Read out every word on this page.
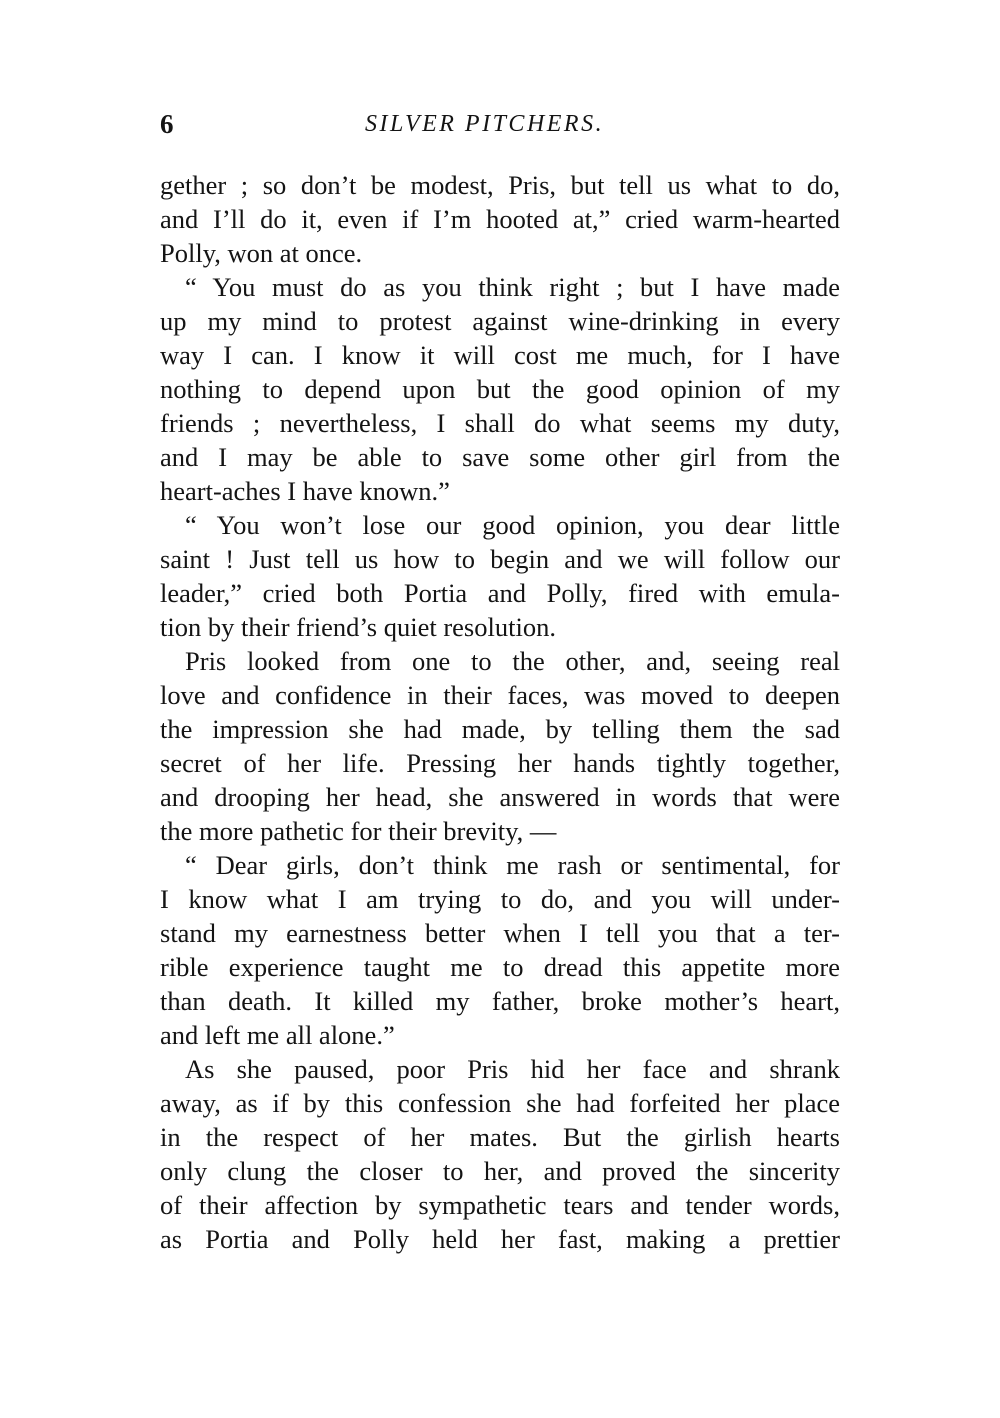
6	SILVER PITCHERS.
gether ; so don’t be modest, Pris, but tell us what to do,
and I’ll do it, even if I’m hooted at,” cried warm-hearted
Polly, won at once.
“ You must do as you think right ; but I have made
up my mind to protest against wine-drinking in every
way I can. I know it will cost me much, for I have
nothing to depend upon but the good opinion of my
friends ; nevertheless, I shall do what seems my duty,
and I may be able to save some other girl from the
heart-aches I have known.”
“ You won’t lose our good opinion, you dear little
saint ! Just tell us how to begin and we will follow our
leader,” cried both Portia and Polly, fired with emula-
tion by their friend’s quiet resolution.
Pris looked from one to the other, and, seeing real
love and confidence in their faces, was moved to deepen
the impression she had made, by telling them the sad
secret of her life. Pressing her hands tightly together,
and drooping her head, she answered in words that were
the more pathetic for their brevity, —
“ Dear girls, don’t think me rash or sentimental, for
I know what I am trying to do, and you will under-
stand my earnestness better when I tell you that a ter-
rible experience taught me to dread this appetite more
than death. It killed my father, broke mother’s heart,
and left me all alone.”
As she paused, poor Pris hid her face and shrank
away, as if by this confession she had forfeited her place
in the respect of her mates. But the girlish hearts
only clung the closer to her, and proved the sincerity
of their affection by sympathetic tears and tender words,
as Portia and Polly held her fast, making a prettier
